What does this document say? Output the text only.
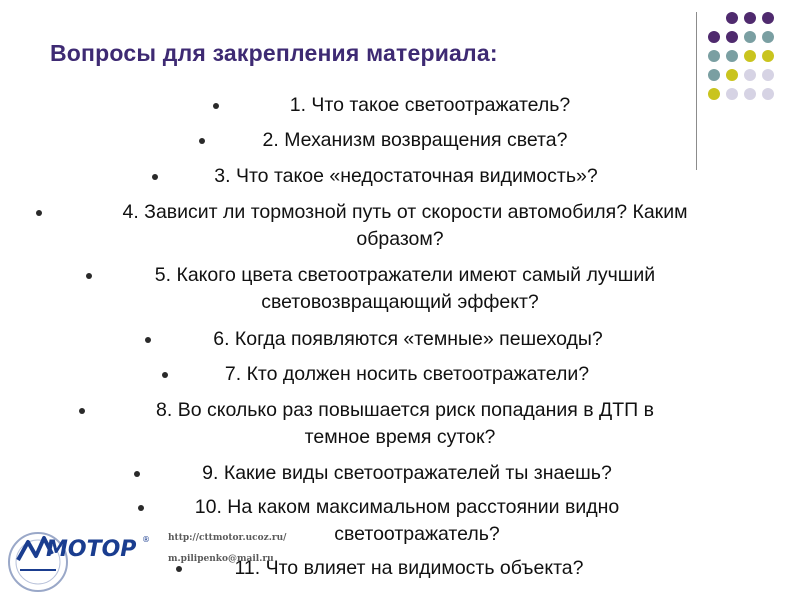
Вопросы для закрепления материала:
1. Что такое светоотражатель?
2. Механизм возвращения света?
3. Что такое «недостаточная видимость»?
4. Зависит ли тормозной путь от скорости автомобиля? Каким
образом?
5. Какого цвета светоотражатели имеют самый лучший
световозвращающий эффект?
6. Когда появляются «темные» пешеходы?
7. Кто должен носить светоотражатели?
8. Во сколько раз повышается риск попадания в ДТП в
темное время суток?
9. Какие виды светоотражателей ты знаешь?
10. На каком максимальном расстоянии видно
светоотражатель?
11. Что влияет на видимость объекта?
МОТОР ® http://cttmotor.ucoz.ru/
m.pilipenko@mail.ru
